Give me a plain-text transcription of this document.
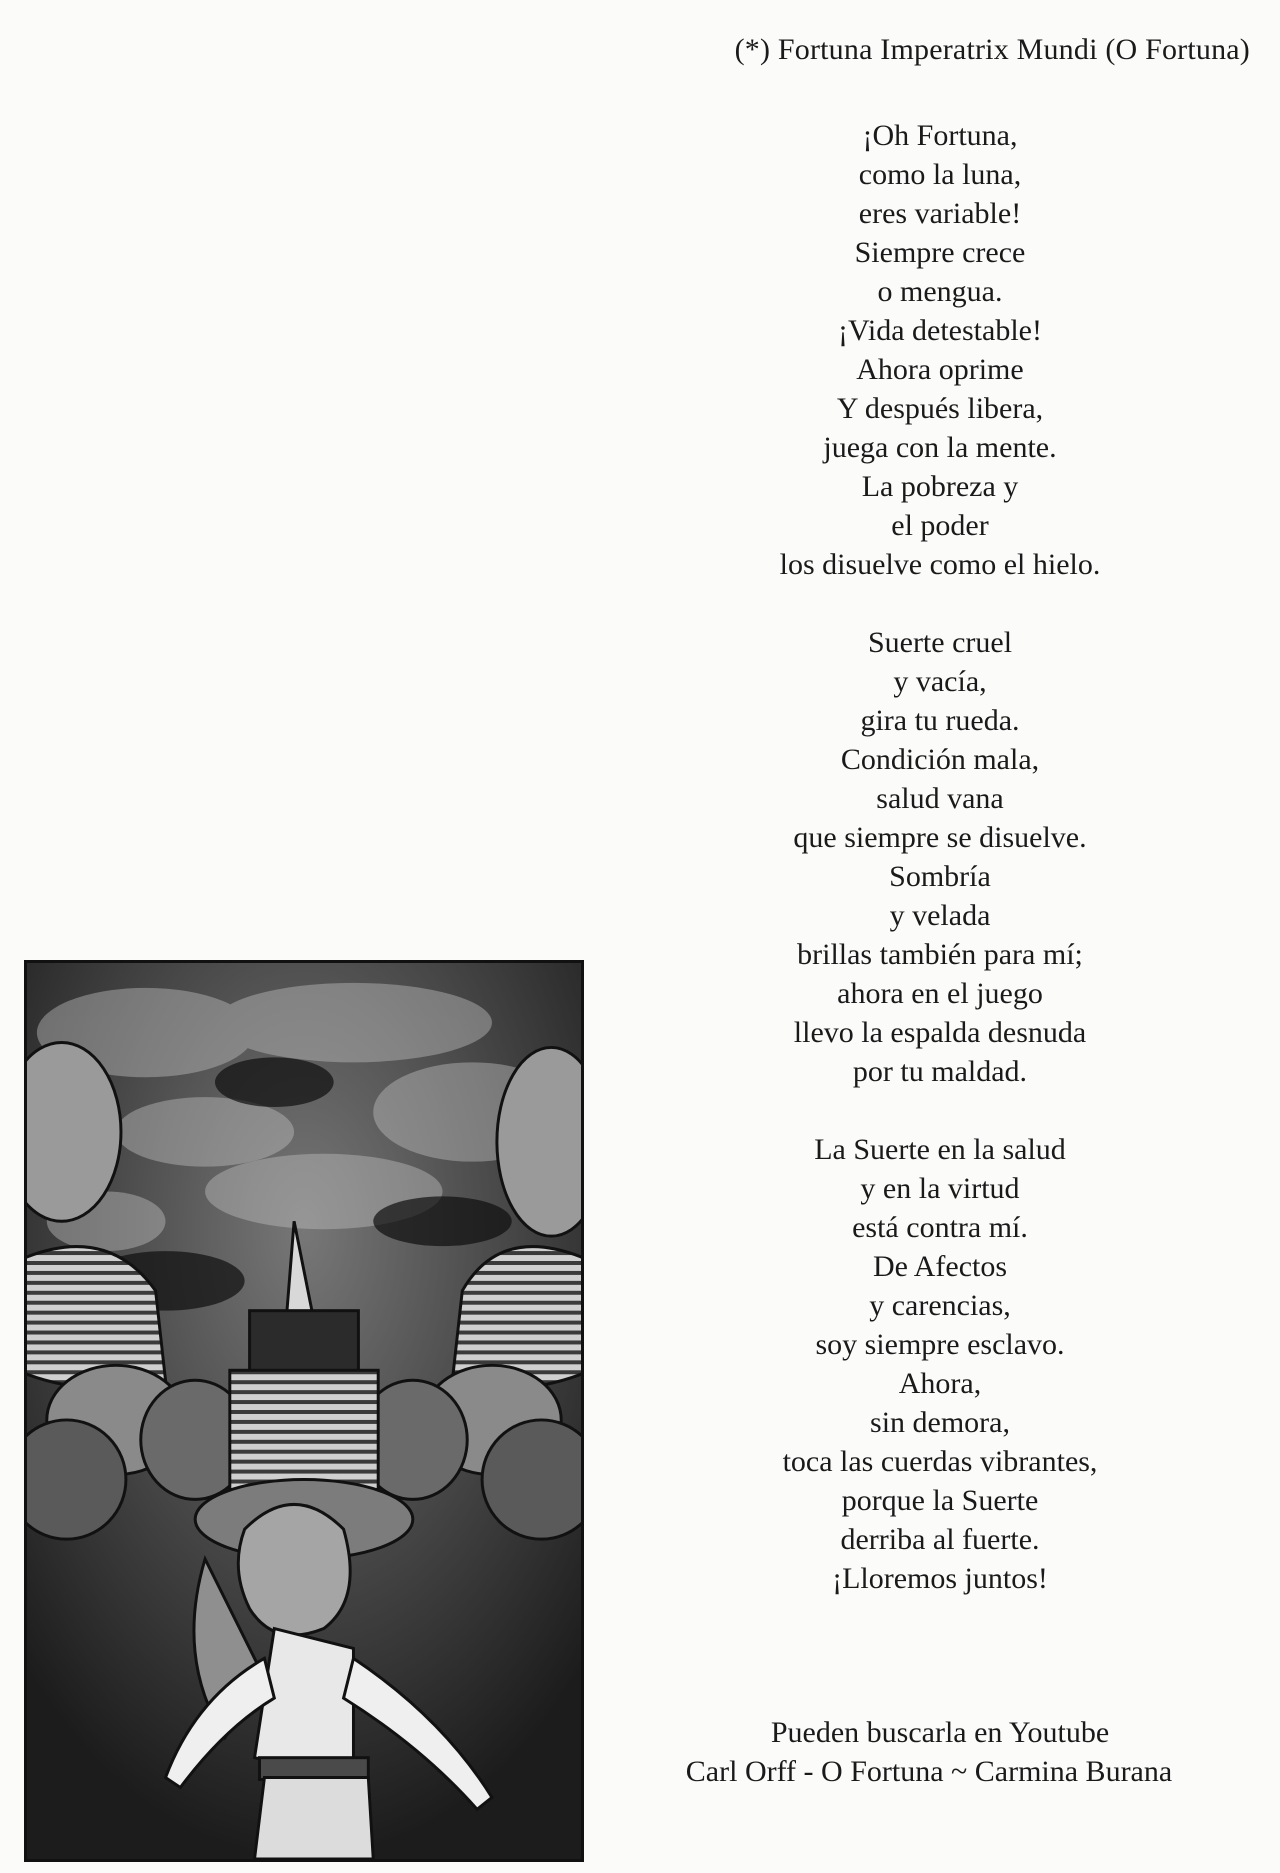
(*) Fortuna Imperatrix Mundi (O Fortuna)

¡Oh Fortuna,

como la luna,

eres variable!

Siempre crece

o mengua.

¡Vida detestable!

Ahora oprime

Y después libera,

juega con la mente.

La pobreza y

el poder

los disuelve como el hielo.

Suerte cruel

y vacía,

gira tu rueda.

Condición mala,

salud vana

que siempre se disuelve.

Sombría

y velada

brillas también para mí;

ahora en el juego

llevo la espalda desnuda

por tu maldad.

La Suerte en la salud

y en la virtud

está contra mí.

De Afectos

y carencias,

soy siempre esclavo.

Ahora,

sin demora,

toca las cuerdas vibrantes,

porque la Suerte

derriba al fuerte.

¡Lloremos juntos!

Pueden buscarla en Youtube

Carl Orff - O Fortuna ~ Carmina Burana
